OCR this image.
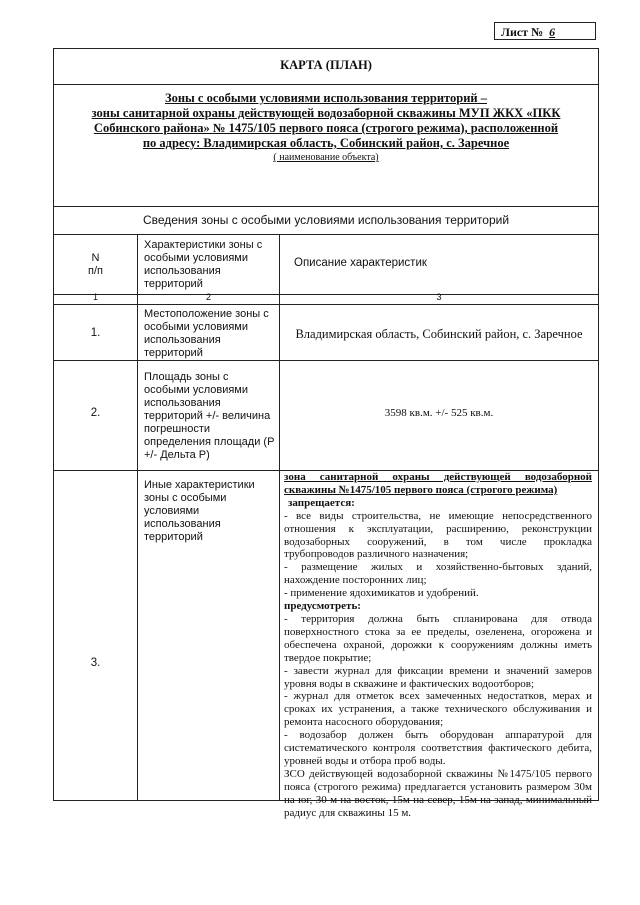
Лист № 6
КАРТА (ПЛАН)
Зоны с особыми условиями использования территорий –
зоны санитарной охраны действующей водозаборной скважины МУП ЖКХ «ПКК
Собинского района» № 1475/105 первого пояса (строгого режима), расположенной
по адресу: Владимирская область, Собинский район, с. Заречное
( наименование объекта)
Сведения зоны с особыми условиями использования территорий
N
п/п
Характеристики зоны с особыми условиями использования территорий
Описание характеристик
1	2	3
1.
Местоположение зоны с особыми условиями использования территорий
Владимирская область, Собинский район, с. Заречное
2.
Площадь зоны с особыми условиями использования территорий +/- величина погрешности определения площади (P +/- Дельта P)
3598 кв.м. +/- 525 кв.м.
3.
Иные характеристики зоны с особыми условиями использования территорий

зона санитарной охраны действующей водозаборной скважины №1475/105 первого пояса (строгого режима)

запрещается:

- все виды строительства, не имеющие непосредственного отношения к эксплуатации, расширению, реконструкции водозаборных сооружений, в том числе прокладка трубопроводов различного назначения;

- размещение жилых и хозяйственно-бытовых зданий, нахождение посторонних лиц;

- применение ядохимикатов и удобрений.

предусмотреть:

- территория должна быть спланирована для отвода поверхностного стока за ее пределы, озеленена, огорожена и обеспечена охраной, дорожки к сооружениям должны иметь твердое покрытие;

- завести журнал для фиксации времени и значений замеров уровня воды в скважине и фактических водоотборов;

- журнал для отметок всех замеченных недостатков, мерах и сроках их устранения, а также технического обслуживания и ремонта насосного оборудования;

- водозабор должен быть оборудован аппаратурой для систематического контроля соответствия фактического дебита, уровней воды и отбора проб воды.

ЗСО действующей водозаборной скважины №1475/105 первого пояса (строгого режима) предлагается установить размером 30м на юг, 30 м на восток, 15м на север, 15м на запад, минимальный радиус для скважины 15 м.
